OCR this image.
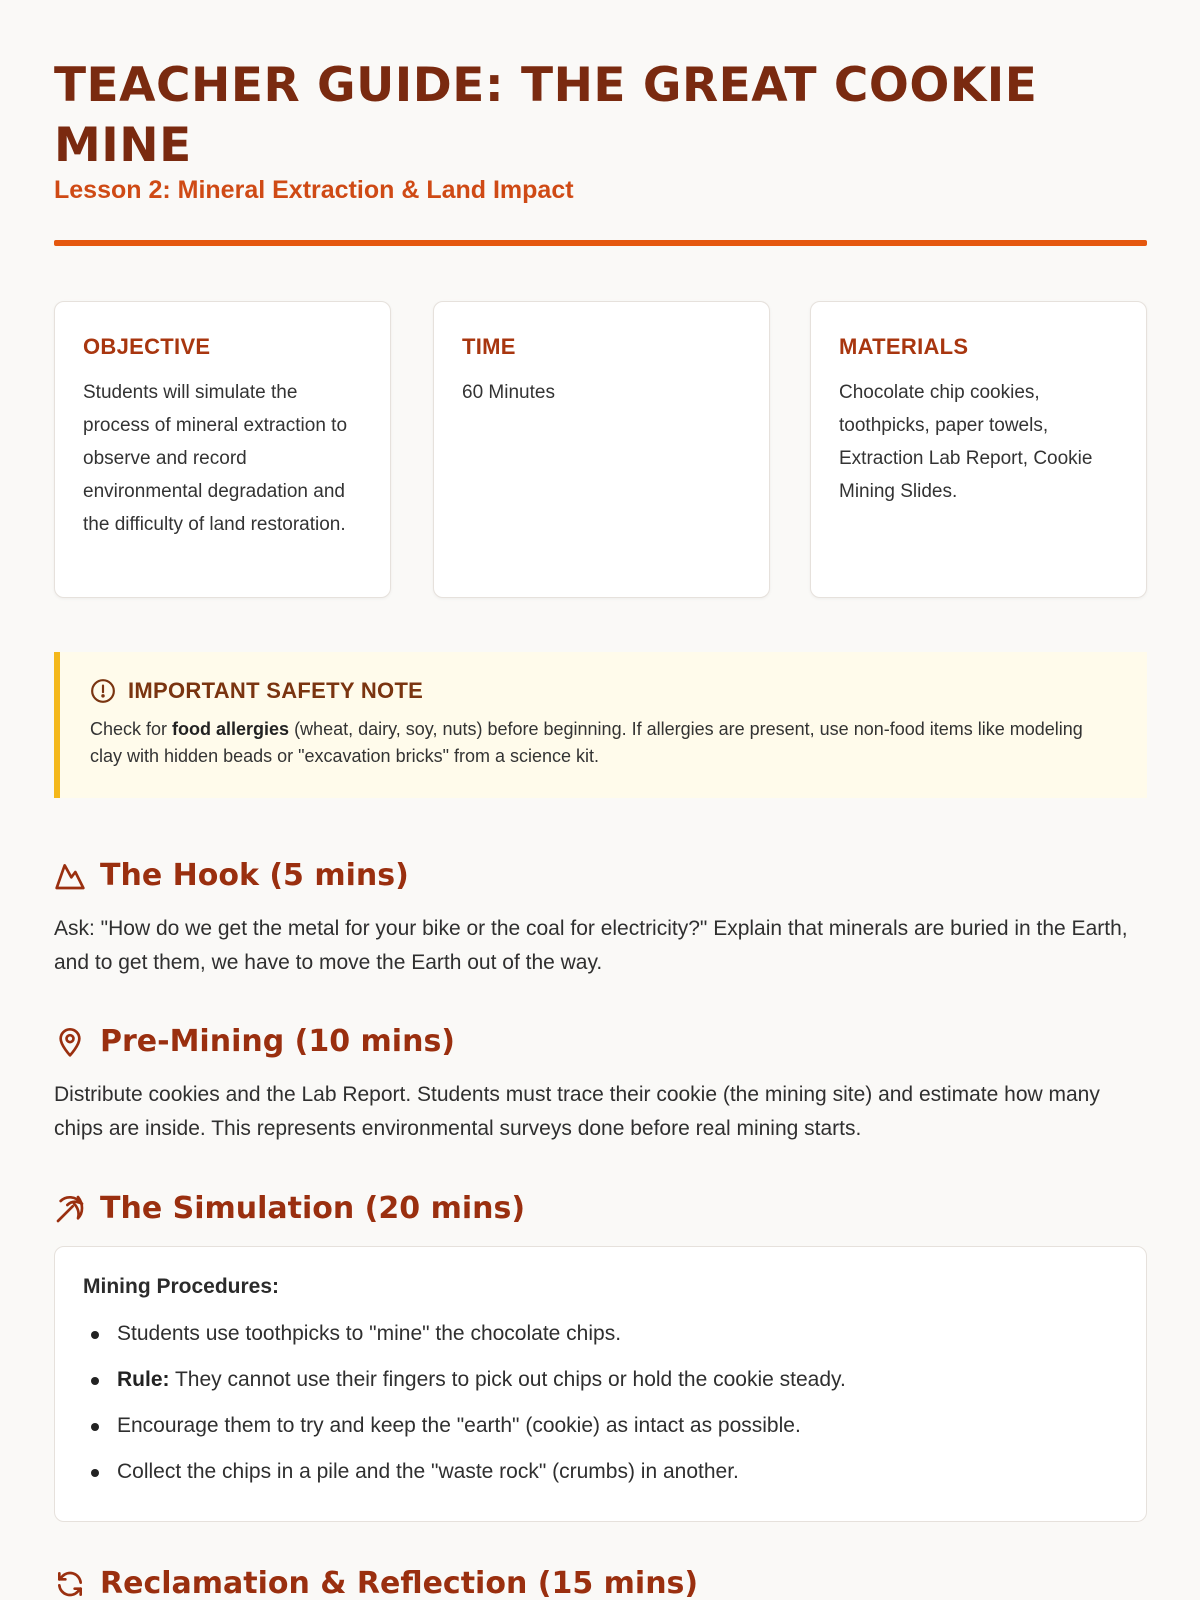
TEACHER GUIDE: THE GREAT COOKIE MINE
Lesson 2: Mineral Extraction & Land Impact
OBJECTIVE
Students will simulate the process of mineral extraction to observe and record environmental degradation and the difficulty of land restoration.
TIME
60 Minutes
MATERIALS
Chocolate chip cookies, toothpicks, paper towels, Extraction Lab Report, Cookie Mining Slides.
IMPORTANT SAFETY NOTE
Check for food allergies (wheat, dairy, soy, nuts) before beginning. If allergies are present, use non-food items like modeling clay with hidden beads or "excavation bricks" from a science kit.
The Hook (5 mins)
Ask: "How do we get the metal for your bike or the coal for electricity?" Explain that minerals are buried in the Earth, and to get them, we have to move the Earth out of the way.
Pre-Mining (10 mins)
Distribute cookies and the Lab Report. Students must trace their cookie (the mining site) and estimate how many chips are inside. This represents environmental surveys done before real mining starts.
The Simulation (20 mins)
Mining Procedures:
Students use toothpicks to "mine" the chocolate chips.
Rule: They cannot use their fingers to pick out chips or hold the cookie steady.
Encourage them to try and keep the "earth" (cookie) as intact as possible.
Collect the chips in a pile and the "waste rock" (crumbs) in another.
Reclamation & Reflection (15 mins)
